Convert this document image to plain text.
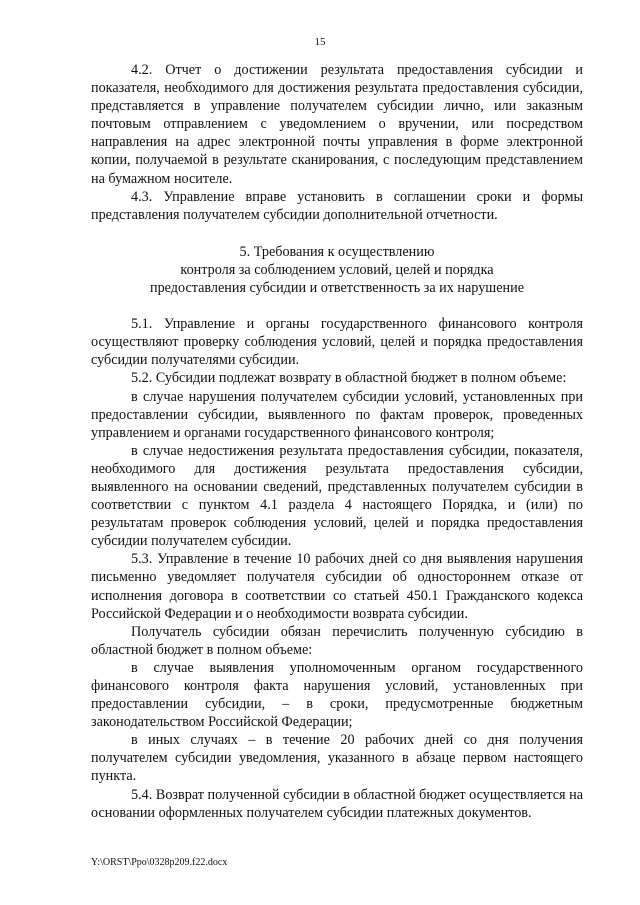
15

4.2. Отчет о достижении результата предоставления субсидии и показателя, необходимого для достижения результата предоставления субсидии, представляется в управление получателем субсидии лично, или заказным почтовым отправлением с уведомлением о вручении, или посредством направления на адрес электронной почты управления в форме электронной копии, получаемой в результате сканирования, с последующим представлением на бумажном носителе.

4.3. Управление вправе установить в соглашении сроки и формы представления получателем субсидии дополнительной отчетности.

5. Требования к осуществлению
контроля за соблюдением условий, целей и порядка
предоставления субсидии и ответственность за их нарушение

5.1. Управление и органы государственного финансового контроля осуществляют проверку соблюдения условий, целей и порядка предоставления субсидии получателями субсидии.

5.2. Субсидии подлежат возврату в областной бюджет в полном объеме:

в случае нарушения получателем субсидии условий, установленных при предоставлении субсидии, выявленного по фактам проверок, проведенных управлением и органами государственного финансового контроля;

в случае недостижения результата предоставления субсидии, показателя, необходимого для достижения результата предоставления субсидии, выявленного на основании сведений, представленных получателем субсидии в соответствии с пунктом 4.1 раздела 4 настоящего Порядка, и (или) по результатам проверок соблюдения условий, целей и порядка предоставления субсидии получателем субсидии.

5.3. Управление в течение 10 рабочих дней со дня выявления нарушения письменно уведомляет получателя субсидии об одностороннем отказе от исполнения договора в соответствии со статьей 450.1 Гражданского кодекса Российской Федерации и о необходимости возврата субсидии.

Получатель субсидии обязан перечислить полученную субсидию в областной бюджет в полном объеме:

в случае выявления уполномоченным органом государственного финансового контроля факта нарушения условий, установленных при предоставлении субсидии, – в сроки, предусмотренные бюджетным законодательством Российской Федерации;

в иных случаях – в течение 20 рабочих дней со дня получения получателем субсидии уведомления, указанного в абзаце первом настоящего пункта.

5.4. Возврат полученной субсидии в областной бюджет осуществляется на основании оформленных получателем субсидии платежных документов.

Y:\ORST\Ppo\0328p209.f22.docx
